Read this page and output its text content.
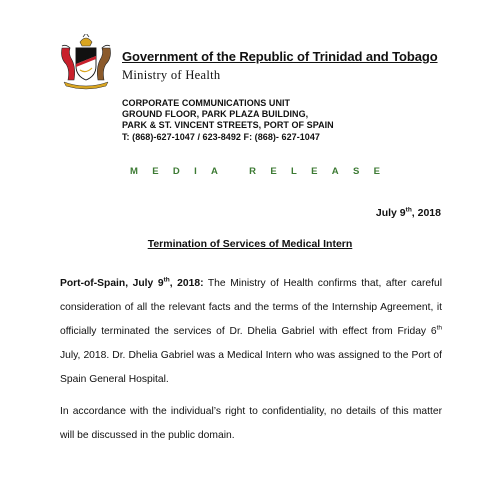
Government of the Republic of Trinidad and Tobago
Ministry of Health
CORPORATE COMMUNICATIONS UNIT
GROUND FLOOR, PARK PLAZA BUILDING,
PARK & ST. VINCENT STREETS, PORT OF SPAIN
T: (868)-627-1047 / 623-8492 F: (868)- 627-1047
M E D I A
	R E L E A S E
July 9th, 2018
Termination of Services of Medical Intern

Port-of-Spain, July 9th, 2018: The Ministry of Health confirms that, after careful consideration of all the relevant facts and the terms of the Internship Agreement, it officially terminated the services of Dr. Dhelia Gabriel with effect from Friday 6th July, 2018. Dr. Dhelia Gabriel was a Medical Intern who was assigned to the Port of Spain General Hospital.

In accordance with the individual’s right to confidentiality, no details of this matter will be discussed in the public domain.
